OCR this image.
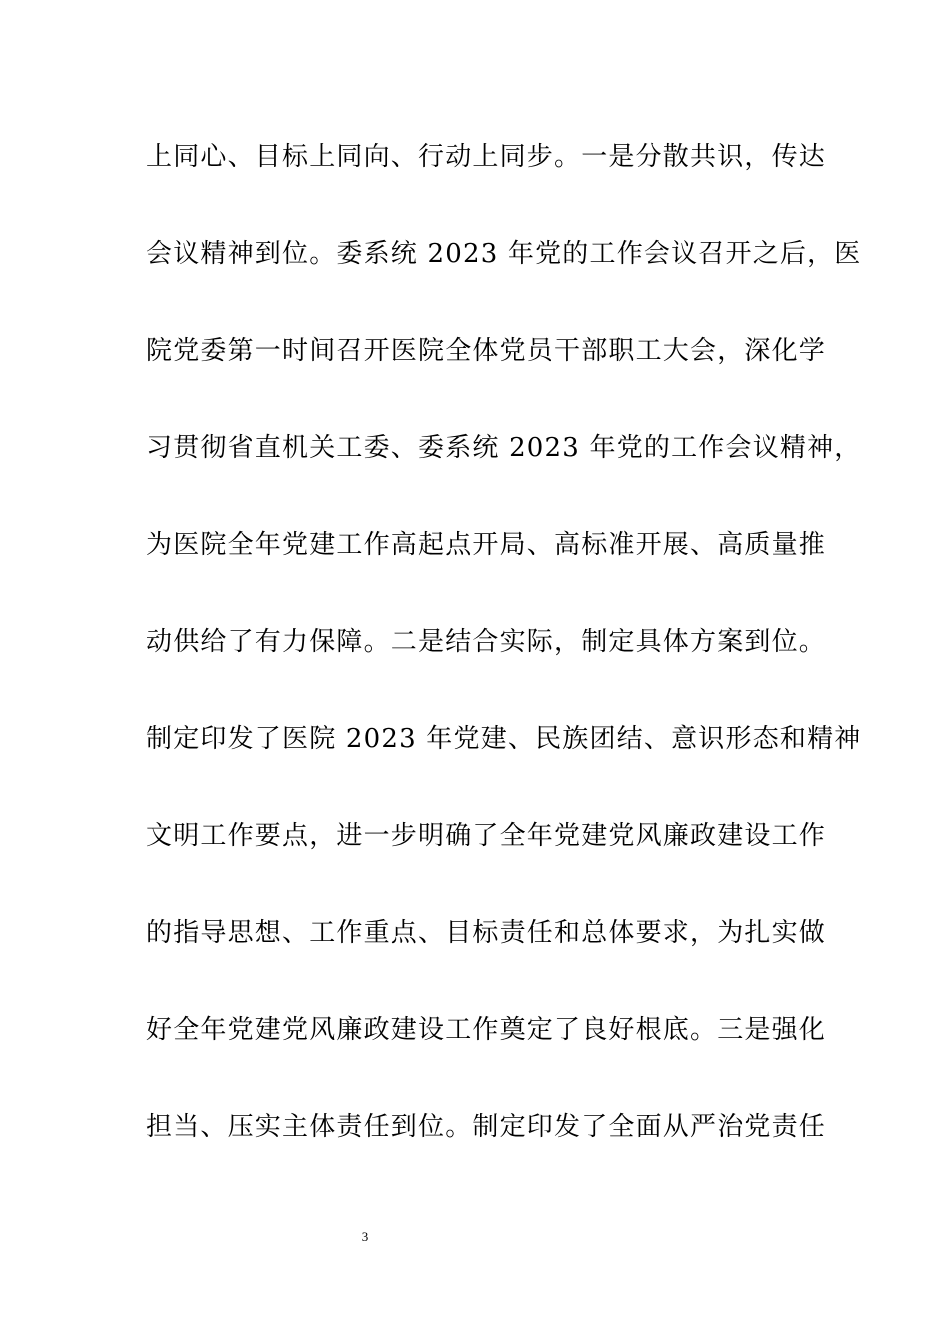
上同心、目标上同向、行动上同步。一是分散共识，传达
会议精神到位。委系统 2023 年党的工作会议召开之后，医
院党委第一时间召开医院全体党员干部职工大会，深化学
习贯彻省直机关工委、委系统 2023 年党的工作会议精神，
为医院全年党建工作高起点开局、高标准开展、高质量推
动供给了有力保障。二是结合实际，制定具体方案到位。
制定印发了医院 2023 年党建、民族团结、意识形态和精神
文明工作要点，进一步明确了全年党建党风廉政建设工作
的指导思想、工作重点、目标责任和总体要求，为扎实做
好全年党建党风廉政建设工作奠定了良好根底。三是强化
担当、压实主体责任到位。制定印发了全面从严治党责任
3
